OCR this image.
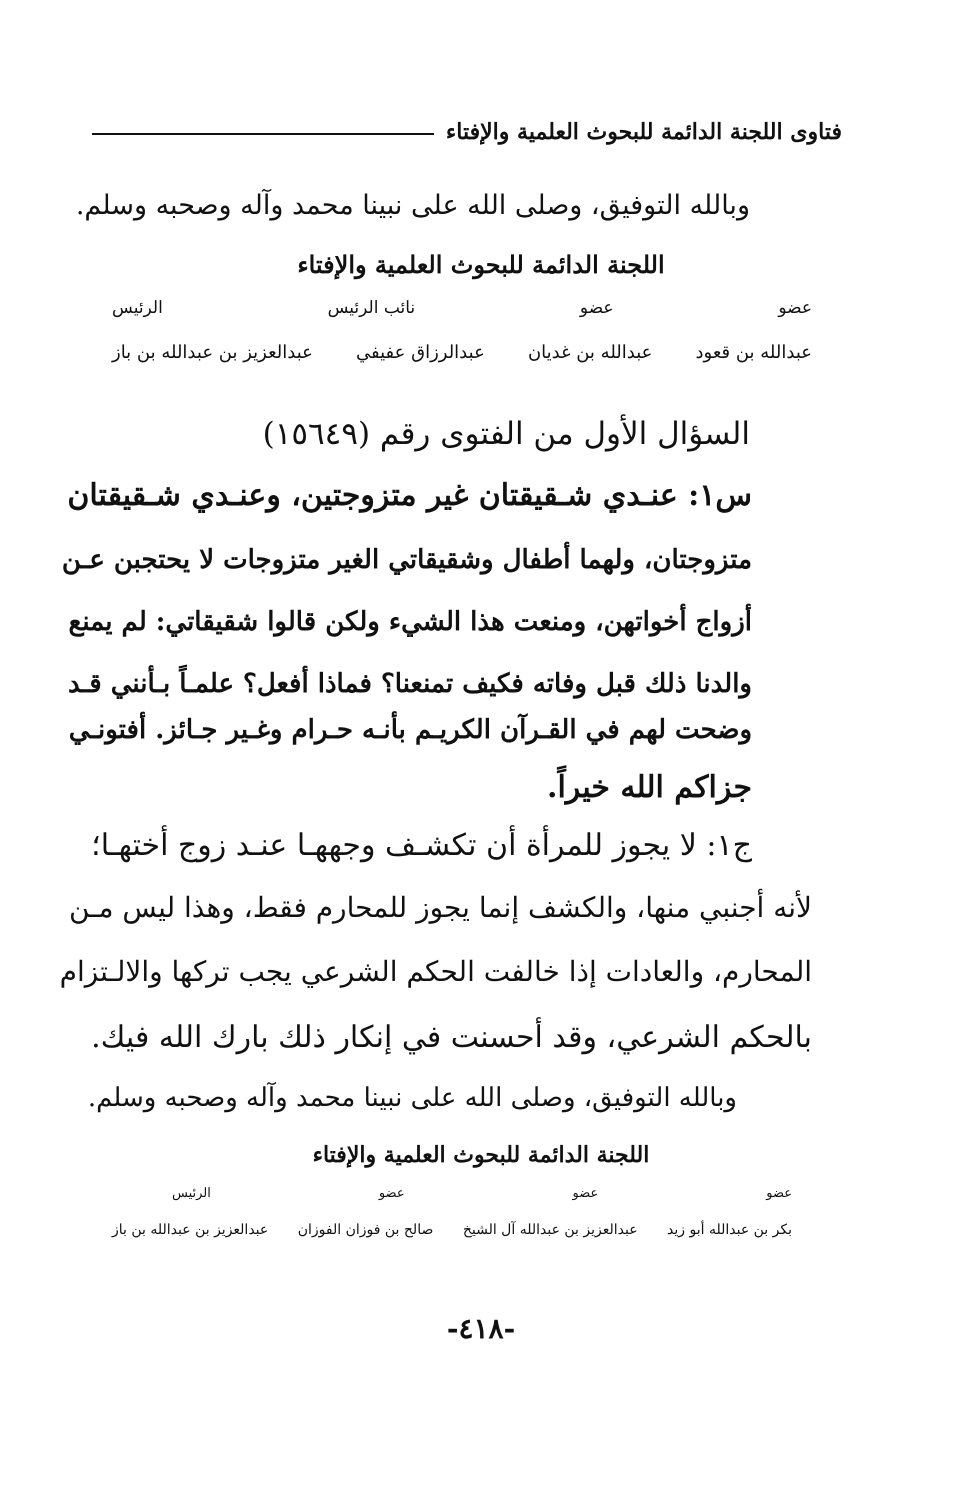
فتاوى اللجنة الدائمة للبحوث العلمية والإفتاء
وبالله التوفيق، وصلى الله على نبينا محمد وآله وصحبه وسلم.
اللجنة الدائمة للبحوث العلمية والإفتاء
عضو
عضو
نائب الرئيس
الرئيس
عبدالله بن قعود
عبدالله بن غديان
عبدالرزاق عفيفي
عبدالعزيز بن عبدالله بن باز
السؤال الأول من الفتوى رقم (١٥٦٤٩)
س١: عنـدي شـقيقتان غير متزوجتين، وعنـدي شـقيقتان
متزوجتان، ولهما أطفال وشقيقاتي الغير متزوجات لا يحتجبن عـن
أزواج أخواتهن، ومنعت هذا الشيء ولكن قالوا شقيقاتي: لم يمنع
والدنا ذلك قبل وفاته فكيف تمنعنا؟ فماذا أفعل؟ علمـاً بـأنني قـد
وضحت لهم في القـرآن الكريـم بأنـه حـرام وغـير جـائز. أفتونـي
جزاكم الله خيراً.
ج١: لا يجوز للمرأة أن تكشـف وجههـا عنـد زوج أختهـا؛
لأنه أجنبي منها، والكشف إنما يجوز للمحارم فقط، وهذا ليس مـن
المحارم، والعادات إذا خالفت الحكم الشرعي يجب تركها والالـتزام
بالحكم الشرعي، وقد أحسنت في إنكار ذلك بارك الله فيك.
وبالله التوفيق، وصلى الله على نبينا محمد وآله وصحبه وسلم.
اللجنة الدائمة للبحوث العلمية والإفتاء
عضو
عضو
عضو
الرئيس
بكر بن عبدالله أبو زيد
عبدالعزيز بن عبدالله آل الشيخ
صالح بن فوزان الفوزان
عبدالعزيز بن عبدالله بن باز
-٤١٨-
